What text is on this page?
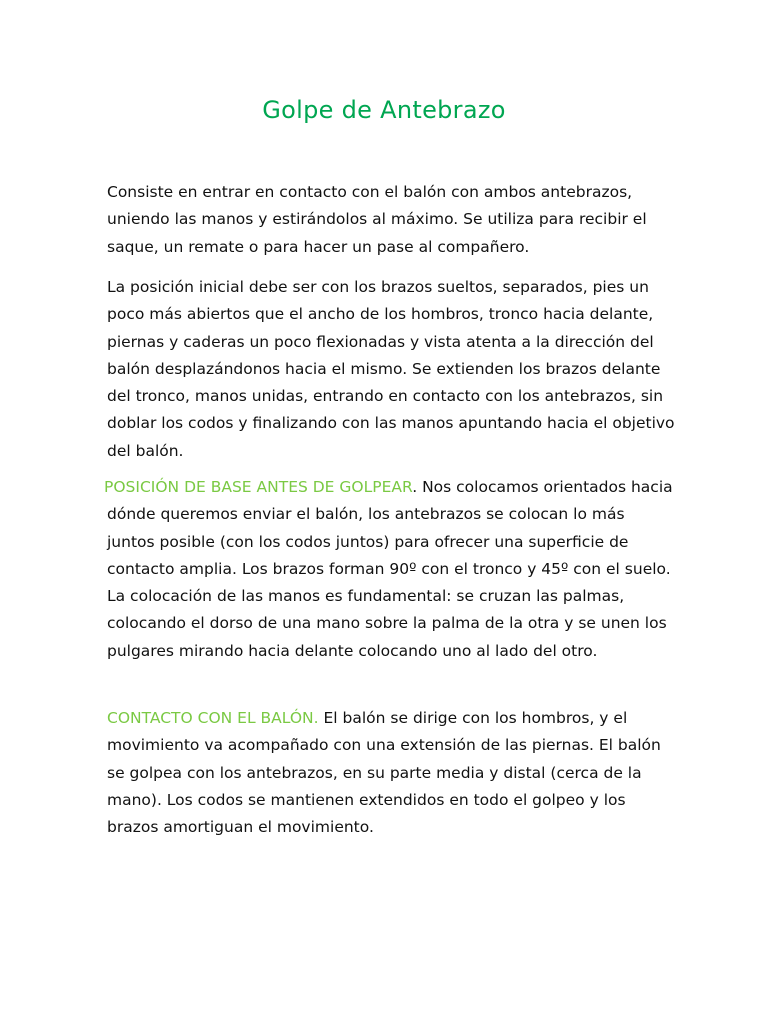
Golpe de Antebrazo

Consiste en entrar en contacto con el balón con ambos antebrazos, uniendo las manos y estirándolos al máximo. Se utiliza para recibir el saque, un remate o para hacer un pase al compañero.

La posición inicial debe ser con los brazos sueltos, separados, pies un poco más abiertos que el ancho de los hombros, tronco hacia delante, piernas y caderas un poco flexionadas y vista atenta a la dirección del balón desplazándonos hacia el mismo. Se extienden los brazos delante del tronco, manos unidas, entrando en contacto con los antebrazos, sin doblar los codos y finalizando con las manos apuntando hacia el objetivo del balón.

POSICIÓN DE BASE ANTES DE GOLPEAR. Nos colocamos orientados hacia dónde queremos enviar el balón, los antebrazos se colocan lo más juntos posible (con los codos juntos) para ofrecer una superficie de contacto amplia. Los brazos forman 90º con el tronco y 45º con el suelo. La colocación de las manos es fundamental: se cruzan las palmas, colocando el dorso de una mano sobre la palma de la otra y se unen los pulgares mirando hacia delante colocando uno al lado del otro.

CONTACTO CON EL BALÓN. El balón se dirige con los hombros, y el movimiento va acompañado con una extensión de las piernas. El balón se golpea con los antebrazos, en su parte media y distal (cerca de la mano). Los codos se mantienen extendidos en todo el golpeo y los brazos amortiguan el movimiento.
